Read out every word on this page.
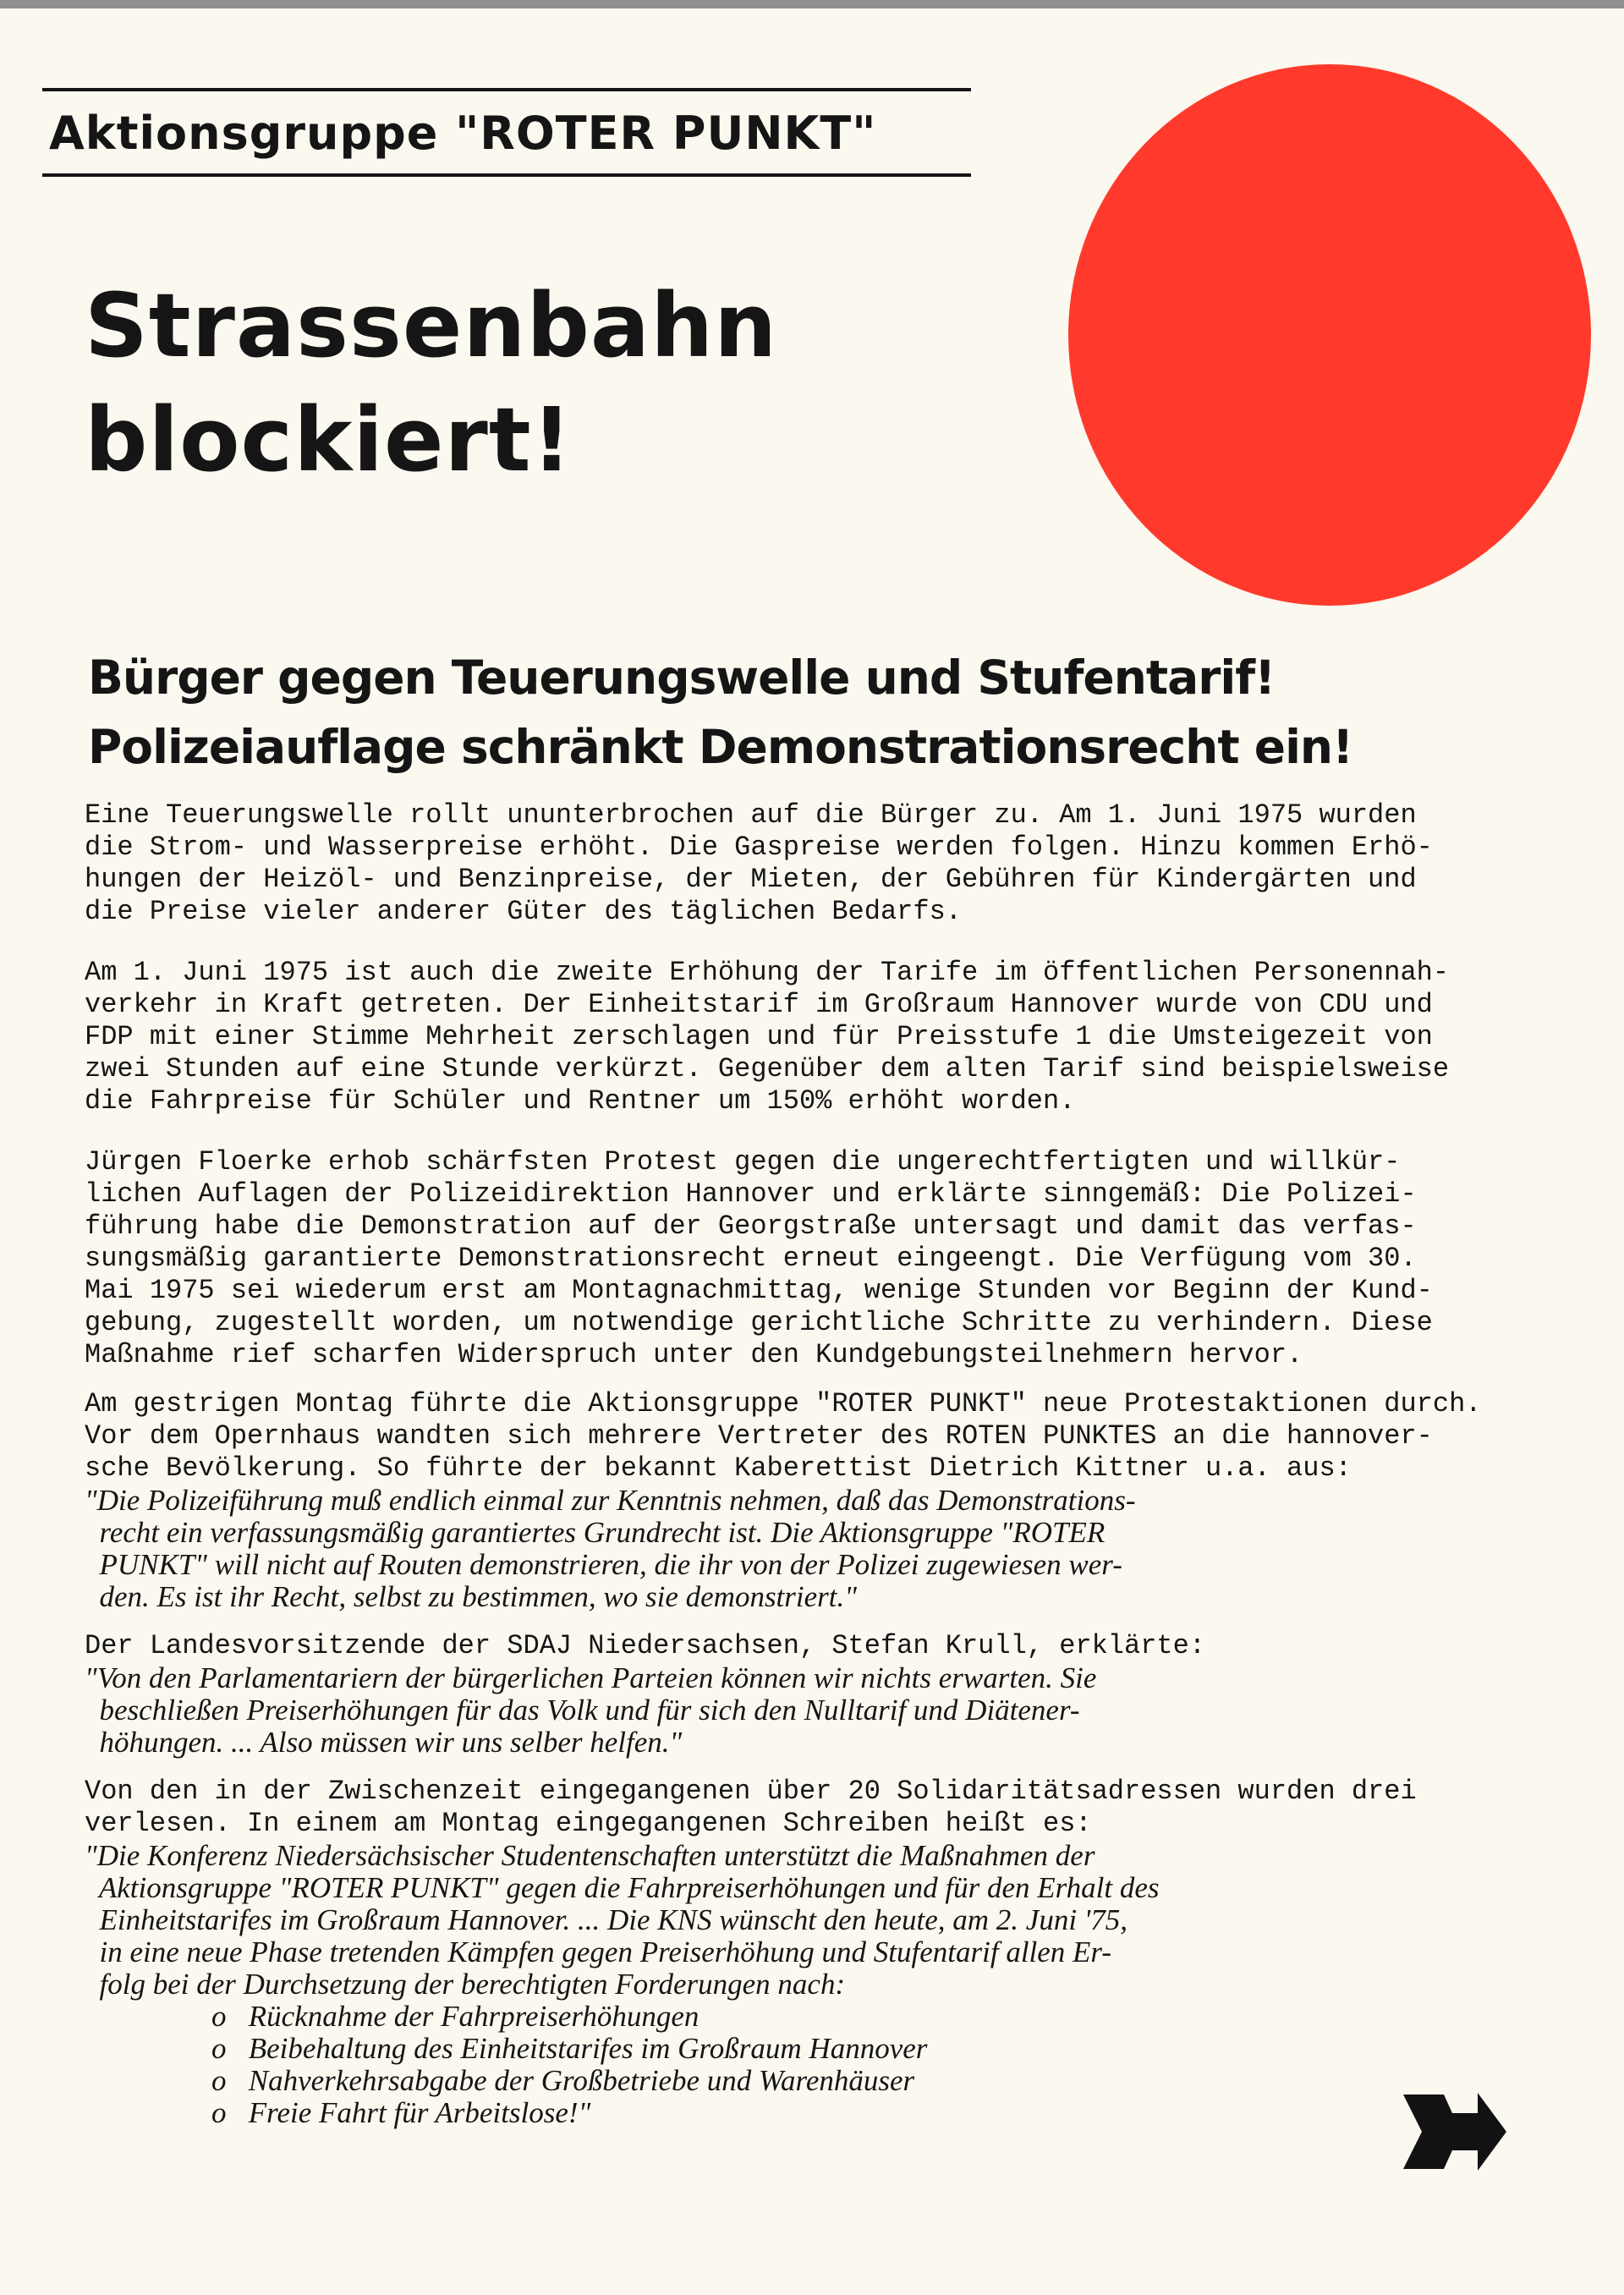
Aktionsgruppe "ROTER PUNKT"
Strassenbahn
blockiert!
Bürger gegen Teuerungswelle und Stufentarif!
Polizeiauflage schränkt Demonstrationsrecht ein!
Eine Teuerungswelle rollt ununterbrochen auf die Bürger zu. Am 1. Juni 1975 wurden
die Strom- und Wasserpreise erhöht. Die Gaspreise werden folgen. Hinzu kommen Erhö-
hungen der Heizöl- und Benzinpreise, der Mieten, der Gebühren für Kindergärten und
die Preise vieler anderer Güter des täglichen Bedarfs.
Am 1. Juni 1975 ist auch die zweite Erhöhung der Tarife im öffentlichen Personennah-
verkehr in Kraft getreten. Der Einheitstarif im Großraum Hannover wurde von CDU und
FDP mit einer Stimme Mehrheit zerschlagen und für Preisstufe 1 die Umsteigezeit von
zwei Stunden auf eine Stunde verkürzt. Gegenüber dem alten Tarif sind beispielsweise
die Fahrpreise für Schüler und Rentner um 150% erhöht worden.
Jürgen Floerke erhob schärfsten Protest gegen die ungerechtfertigten und willkür-
lichen Auflagen der Polizeidirektion Hannover und erklärte sinngemäß: Die Polizei-
führung habe die Demonstration auf der Georgstraße untersagt und damit das verfas-
sungsmäßig garantierte Demonstrationsrecht erneut eingeengt. Die Verfügung vom 30.
Mai 1975 sei wiederum erst am Montagnachmittag, wenige Stunden vor Beginn der Kund-
gebung, zugestellt worden, um notwendige gerichtliche Schritte zu verhindern. Diese
Maßnahme rief scharfen Widerspruch unter den Kundgebungsteilnehmern hervor.
Am gestrigen Montag führte die Aktionsgruppe "ROTER PUNKT" neue Protestaktionen durch.
Vor dem Opernhaus wandten sich mehrere Vertreter des ROTEN PUNKTES an die hannover-
sche Bevölkerung. So führte der bekannt Kaberettist Dietrich Kittner u.a. aus:
"Die Polizeiführung muß endlich einmal zur Kenntnis nehmen, daß das Demonstrations-
recht ein verfassungsmäßig garantiertes Grundrecht ist. Die Aktionsgruppe "ROTER
PUNKT" will nicht auf Routen demonstrieren, die ihr von der Polizei zugewiesen wer-
den. Es ist ihr Recht, selbst zu bestimmen, wo sie demonstriert."
Der Landesvorsitzende der SDAJ Niedersachsen, Stefan Krull, erklärte:
"Von den Parlamentariern der bürgerlichen Parteien können wir nichts erwarten. Sie
beschließen Preiserhöhungen für das Volk und für sich den Nulltarif und Diätener-
höhungen. ... Also müssen wir uns selber helfen."
Von den in der Zwischenzeit eingegangenen über 20 Solidaritätsadressen wurden drei
verlesen. In einem am Montag eingegangenen Schreiben heißt es:
"Die Konferenz Niedersächsischer Studentenschaften unterstützt die Maßnahmen der
Aktionsgruppe "ROTER PUNKT" gegen die Fahrpreiserhöhungen und für den Erhalt des
Einheitstarifes im Großraum Hannover. ... Die KNS wünscht den heute, am 2. Juni '75,
in eine neue Phase tretenden Kämpfen gegen Preiserhöhung und Stufentarif allen Er-
folg bei der Durchsetzung der berechtigten Forderungen nach:
o   Rücknahme der Fahrpreiserhöhungen
o   Beibehaltung des Einheitstarifes im Großraum Hannover
o   Nahverkehrsabgabe der Großbetriebe und Warenhäuser
o   Freie Fahrt für Arbeitslose!"
